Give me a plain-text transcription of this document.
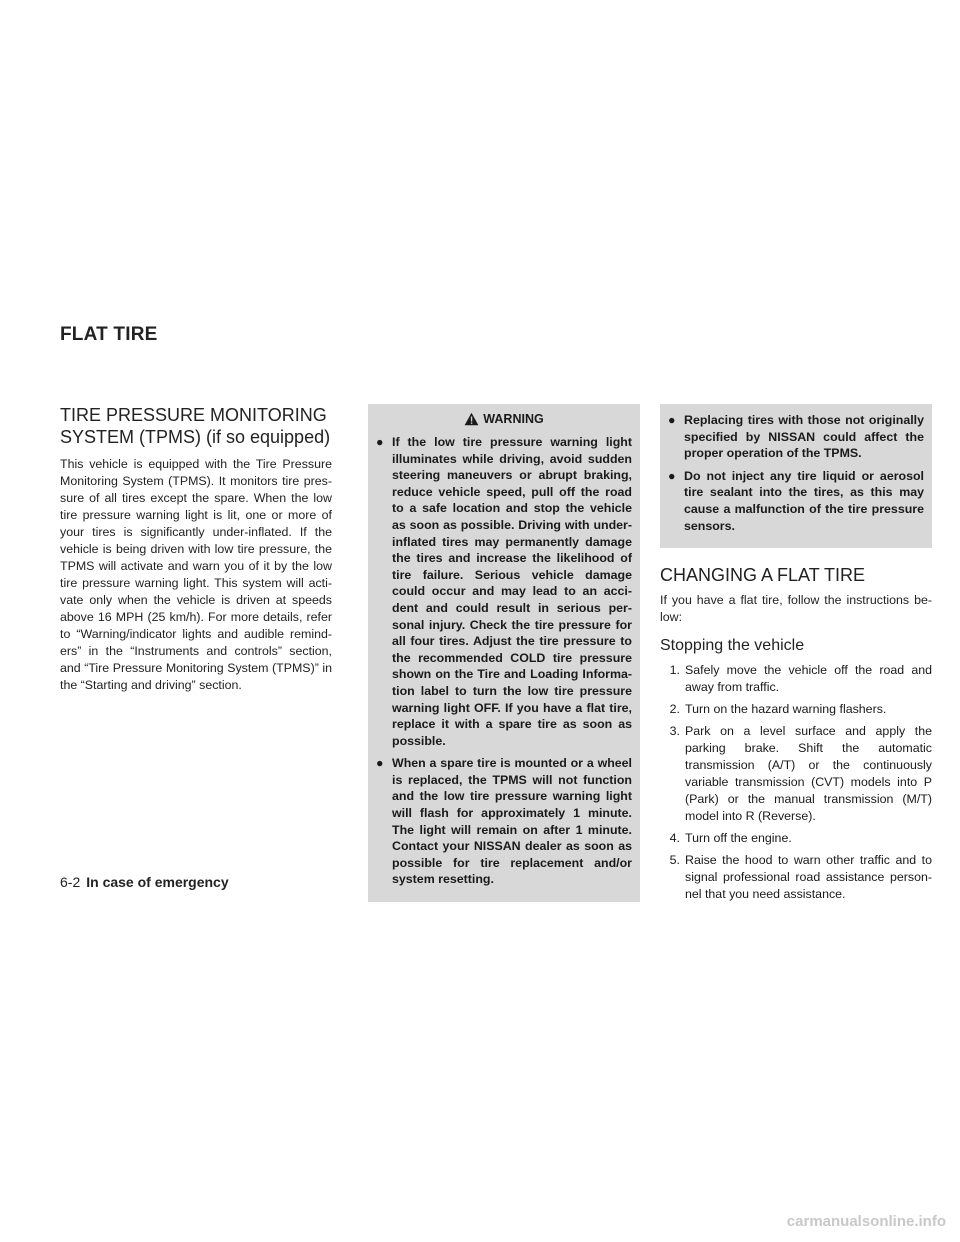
FLAT TIRE
TIRE PRESSURE MONITORING
SYSTEM (TPMS) (if so equipped)

This vehicle is equipped with the Tire Pressure Monitoring System (TPMS). It monitors tire pres-sure of all tires except the spare. When the low tire pressure warning light is lit, one or more of your tires is significantly under-inflated. If the vehicle is being driven with low tire pressure, the TPMS will activate and warn you of it by the low tire pressure warning light. This system will acti-vate only when the vehicle is driven at speeds above 16 MPH (25 km/h). For more details, refer to “Warning/indicator lights and audible remind-ers” in the “Instruments and controls” section, and “Tire Pressure Monitoring System (TPMS)” in the “Starting and driving” section.

WARNING
● If the low tire pressure warning light illuminates while driving, avoid sudden steering maneuvers or abrupt braking, reduce vehicle speed, pull off the road to a safe location and stop the vehicle as soon as possible. Driving with under-inflated tires may permanently damage the tires and increase the likelihood of tire failure. Serious vehicle damage could occur and may lead to an acci-dent and could result in serious per-sonal injury. Check the tire pressure for all four tires. Adjust the tire pressure to the recommended COLD tire pressure shown on the Tire and Loading Informa-tion label to turn the low tire pressure warning light OFF. If you have a flat tire, replace it with a spare tire as soon as possible.
● When a spare tire is mounted or a wheel is replaced, the TPMS will not function and the low tire pressure warning light will flash for approximately 1 minute. The light will remain on after 1 minute. Contact your NISSAN dealer as soon as possible for tire replacement and/or system resetting.
● Replacing tires with those not originally specified by NISSAN could affect the proper operation of the TPMS.
● Do not inject any tire liquid or aerosol tire sealant into the tires, as this may cause a malfunction of the tire pressure sensors.
CHANGING A FLAT TIRE

If you have a flat tire, follow the instructions be-low:

Stopping the vehicle
1. Safely move the vehicle off the road and away from traffic.
2. Turn on the hazard warning flashers.
3. Park on a level surface and apply the parking brake. Shift the automatic transmission (A/T) or the continuously variable transmission (CVT) models into P (Park) or the manual transmission (M/T) model into R (Reverse).
4. Turn off the engine.
5. Raise the hood to warn other traffic and to signal professional road assistance person-nel that you need assistance.
6-2 In case of emergency
carmanualsonline.info
